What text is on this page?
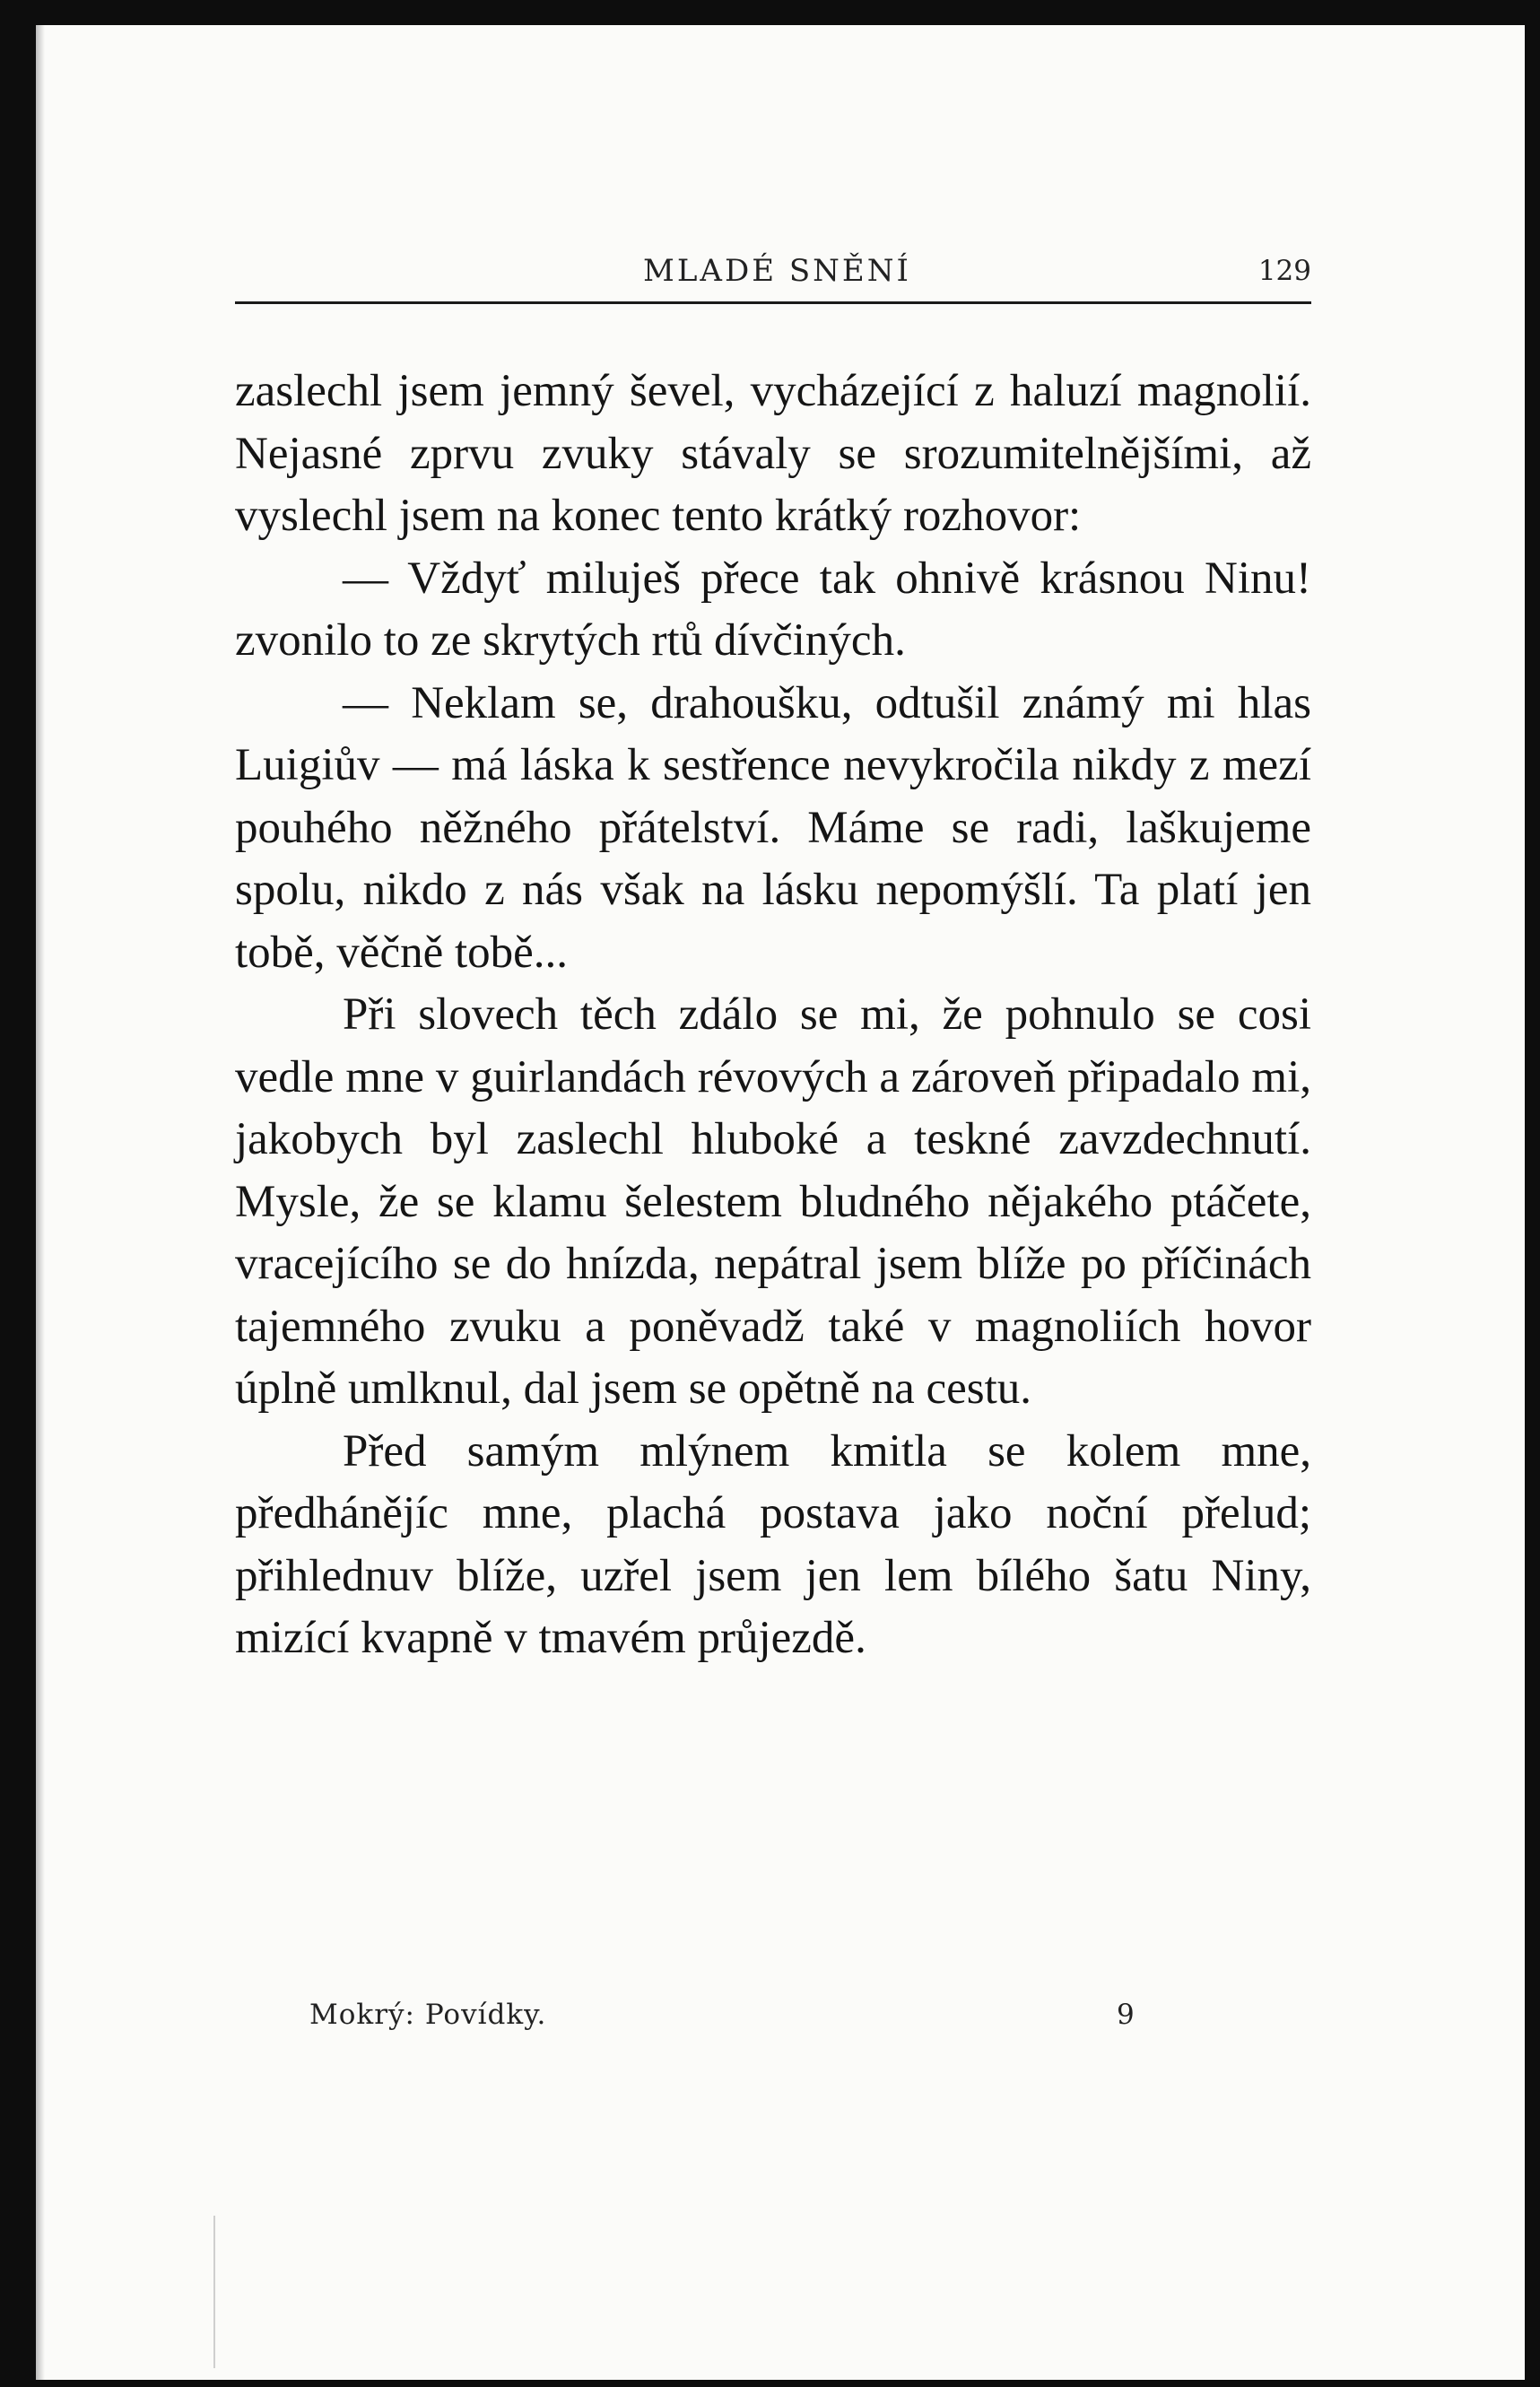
MLADÉ SNĚNÍ	129

zaslechl jsem jemný ševel, vycházející z haluzí magnolií. Nejasné zprvu zvuky stávaly se srozumitelnějšími, až vyslechl jsem na konec tento krátký rozhovor:

— Vždyť miluješ přece tak ohnivě krásnou Ninu! zvonilo to ze skrytých rtů dívčiných.

— Neklam se, drahoušku, odtušil známý mi hlas Luigiův — má láska k sestřence nevykročila nikdy z mezí pouhého něžného přátelství. Máme se radi, laškujeme spolu, nikdo z nás však na lásku nepomýšlí. Ta platí jen tobě, věčně tobě...

Při slovech těch zdálo se mi, že pohnulo se cosi vedle mne v guirlandách révových a zároveň připadalo mi, jakobych byl zaslechl hluboké a teskné zavzdechnutí. Mysle, že se klamu šelestem bludného nějakého ptáčete, vracejícího se do hnízda, nepátral jsem blíže po příčinách tajemného zvuku a poněvadž také v magnoliích hovor úplně umlknul, dal jsem se opětně na cestu.

Před samým mlýnem kmitla se kolem mne, předhánějíc mne, plachá postava jako noční přelud; přihlednuv blíže, uzřel jsem jen lem bílého šatu Niny, mizící kvapně v tmavém průjezdě.

Mokrý: Povídky.	9
